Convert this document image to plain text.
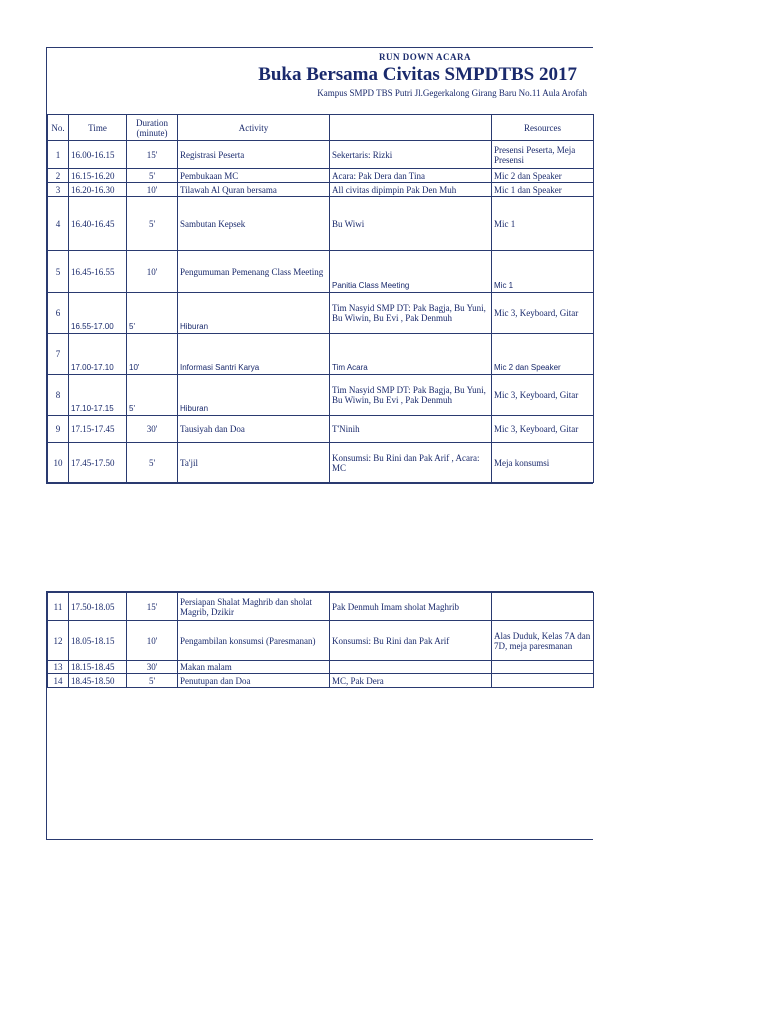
RUN DOWN ACARA
Buka Bersama Civitas SMPDTBS 2017
Kampus SMPD TBS Putri Jl.Gegerkalong Girang Baru No.11 Aula Arofah
No.	Time	Duration (minute)	Activity		Resources
1	16.00-16.15	15'	Registrasi Peserta	Sekertaris: Rizki	Presensi Peserta, Meja Presensi
2	16.15-16.20	5'	Pembukaan MC	Acara: Pak Dera dan Tina	Mic 2 dan Speaker
3	16.20-16.30	10'	Tilawah Al Quran bersama	All civitas dipimpin Pak Den Muh	Mic 1 dan Speaker
4	16.40-16.45	5'	Sambutan Kepsek	Bu Wiwi	Mic 1
5	16.45-16.55	10'	Pengumuman Pemenang Class Meeting	Panitia Class Meeting	Mic 1
6	16.55-17.00	5'	Hiburan	Tim Nasyid SMP DT: Pak Bagja, Bu Yuni, Bu Wiwin, Bu Evi , Pak Denmuh	Mic 3, Keyboard, Gitar
7	17.00-17.10	10'	Informasi Santri Karya	Tim Acara	Mic 2 dan Speaker
8	17.10-17.15	5'	Hiburan	Tim Nasyid SMP DT: Pak Bagja, Bu Yuni, Bu Wiwin, Bu Evi , Pak Denmuh	Mic 3, Keyboard, Gitar
9	17.15-17.45	30'	Tausiyah dan Doa	T'Ninih	Mic 3, Keyboard, Gitar
10	17.45-17.50	5'	Ta'jil	Konsumsi: Bu Rini dan Pak Arif , Acara: MC	Meja konsumsi
11	17.50-18.05	15'	Persiapan Shalat Maghrib dan sholat Magrib, Dzikir	Pak Denmuh Imam sholat Maghrib	
12	18.05-18.15	10'	Pengambilan konsumsi (Paresmanan)	Konsumsi: Bu Rini dan Pak Arif	Alas Duduk, Kelas 7A dan 7D, meja paresmanan
13	18.15-18.45	30'	Makan malam		
14	18.45-18.50	5'	Penutupan dan Doa	MC, Pak Dera	
